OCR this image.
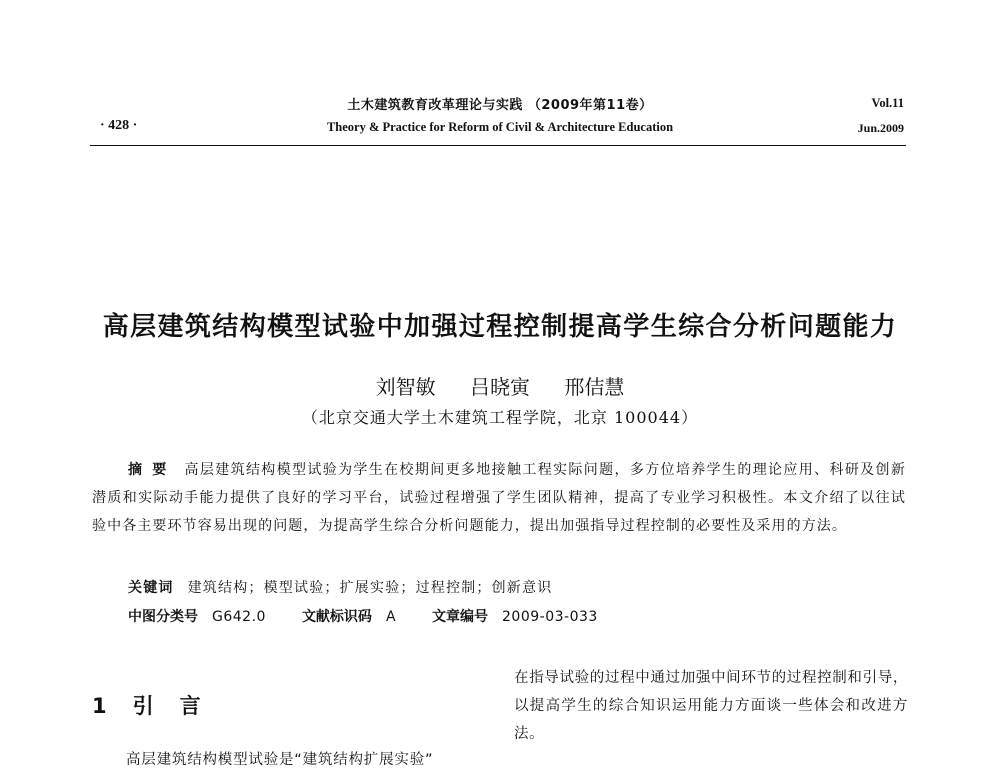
土木建筑教育改革理论与实践 （2009年第11卷）
Theory & Practice for Reform of Civil & Architecture Education
· 428 ·
Vol.11
Jun.2009
高层建筑结构模型试验中加强过程控制提高学生综合分析问题能力
刘智敏 吕晓寅 邢佶慧
（北京交通大学土木建筑工程学院，北京 100044）
摘要 高层建筑结构模型试验为学生在校期间更多地接触工程实际问题，多方位培养学生的理论应用、科研及创新潜质和实际动手能力提供了良好的学习平台，试验过程增强了学生团队精神，提高了专业学习积极性。本文介绍了以往试验中各主要环节容易出现的问题，为提高学生综合分析问题能力，提出加强指导过程控制的必要性及采用的方法。
关键词 建筑结构；模型试验；扩展实验；过程控制；创新意识
中图分类号 G642.0	文献标识码 A	文章编号 2009-03-033
1 引言
高层建筑结构模型试验是“建筑结构扩展实验”
在指导试验的过程中通过加强中间环节的过程控制和引导，以提高学生的综合知识运用能力方面谈一些体会和改进方法。
